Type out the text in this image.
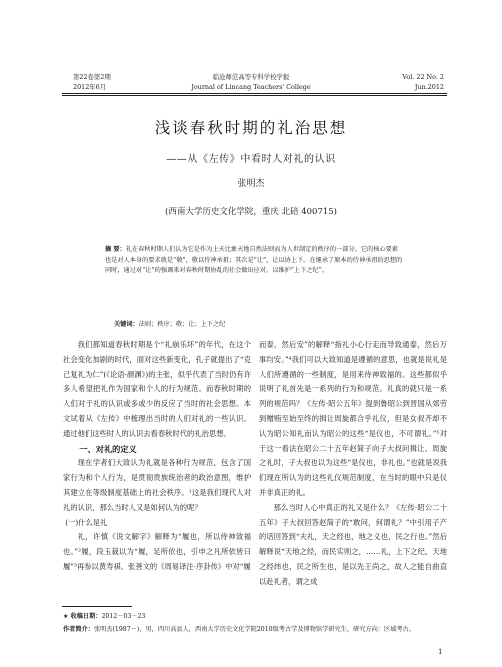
第22卷第2期
2012年6月
临沧师范高等专科学校学报
Journal of Lincang Teachers' College
Vol. 22 No. 2
Jun.2012
浅谈春秋时期的礼治思想
——从《左传》中看时人对礼的认识
张明杰
(西南大学历史文化学院，重庆 北碚 400715)
摘 要：礼在春秋时期人们认为它是作为上天比象天地自然法则而为人世制定的秩序的一部分。它的核心要素也是对人本身的要求就是“敬”，敬以待神承祖；其次是“让”，让以协上下。在继承了原本的侍神承祖的思想的同时，通过对“让”的强调来对春秋时期协乱的社会做出应对，以维护“上下之纪”。
关键词：法则；秩序；敬；让；上下之纪

我们都知道春秋时期是个“礼崩乐坏”的年代，在这个社会变化加剧的时代，面对这些新变化，孔子就提出了“克己复礼为仁”(《论语·颜渊》)的主张，似乎代表了当时仍有许多人希望把礼作为国家和个人的行为规范。而春秋时期的人们对于礼的认识或多或少的反应了当时的社会思想。本文试着从《左传》中梳理出当时的人们对礼的一些认识。通过他们这些时人的认识去看春秋时代的礼治思想。

一、对礼的定义

现在学者们大致认为礼就是各种行为规范，包含了国家行为和个人行为，是贯彻贵族统治者的政治意图，维护其建立在等级制度基础上的社会秩序。¹这是我们现代人对礼的认识，那么当时人又是如何认为的呢？

(一)什么是礼

礼，许慎《说文解字》解释为“履也，所以侍神致福也。”²履，段玉裁以为“履，足所依也，引申之凡所依皆曰履”³再参以黄寿祺、张善文的《周易译注·序卦传》中对“履

而泰，然后安”的解释“指礼小心行走而导致通泰，然后万事均安。”⁴我们可以大致知道是遵循的意思，也就是说礼是人们所遵循的一些制度，是用来侍神致福的。这些都似乎说明了礼首先是一系列的行为和规范。礼真的就只是一系列的规范吗？《左传·昭公五年》提到鲁昭公到晋国从郊劳到赠贿至始至终的揖让周旋都合乎礼仪，但是女叔齐却不认为昭公知礼而认为昭公的这些“是仪也，不可谓礼。”⁵对于这一看法在昭公二十五年赵简子向子大叔问揖让、周旋之礼时，子大叔也以为这些“是仪也，非礼也。”也就是说我们现在所认为的这些礼仪规范制度，在当时的眼中只是仪并非真正的礼。

那么当时人心中真正的礼又是什么？《左传·昭公二十五年》子大叔回答赵简子的“敢问，何谓礼？”中引用子产的话回答到“夫礼，天之经也，地之义也，民之行也。”然后解释说“天地之经，而民实则之，……礼，上下之纪，天地之经纬也，民之所生也，是以先王尚之，故人之能自曲直以赴礼者，谓之成

★ 收稿日期：2012－03－23
作者简介：张明杰(1987－)，男，四川高县人，西南大学历史文化学院2010级考古学及博物馆学研究生，研究方向：区域考古。
1
